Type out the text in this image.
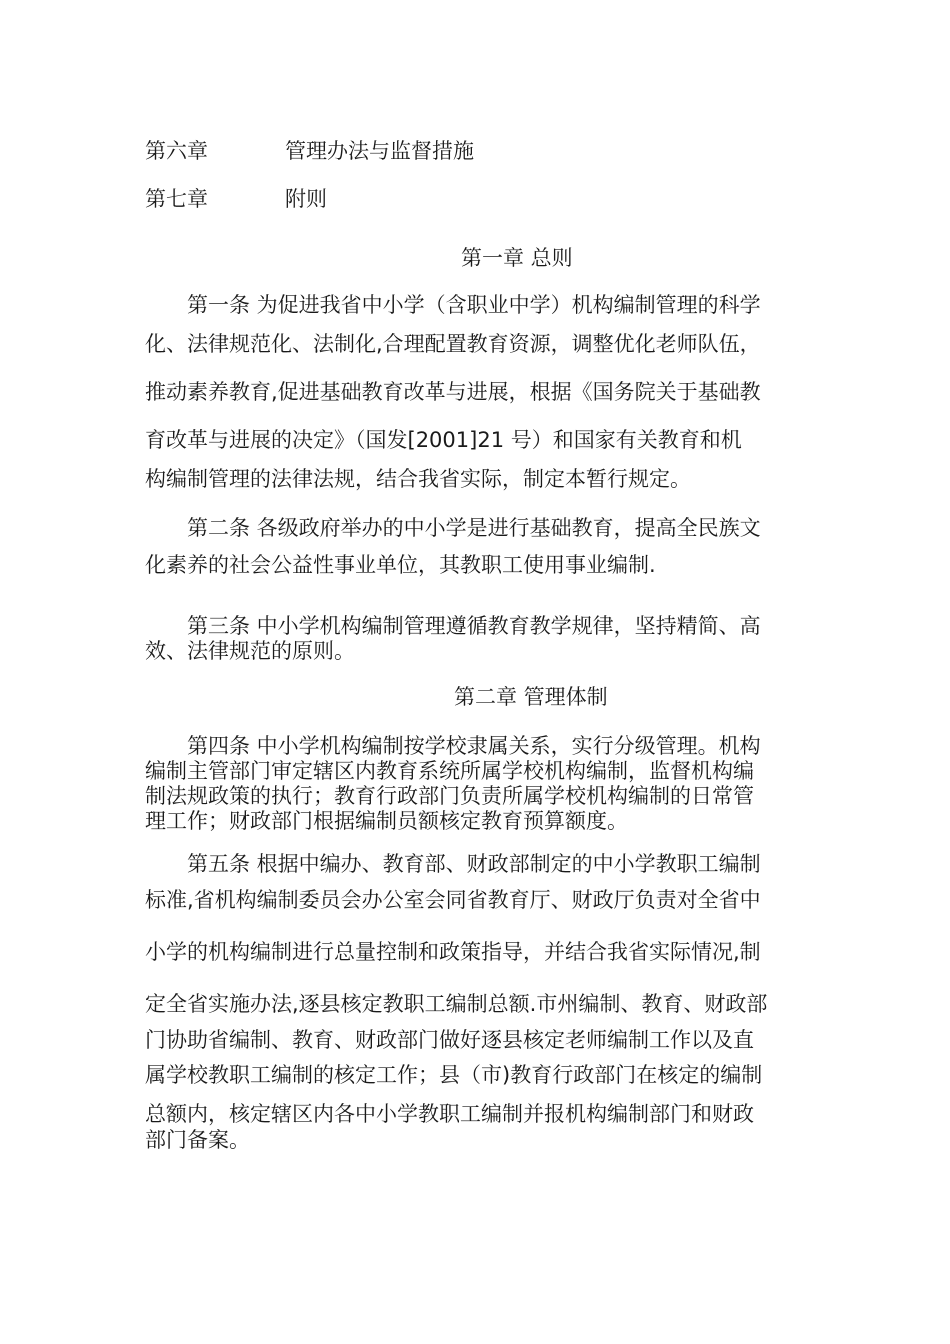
第六章	管理办法与监督措施
第七章	附则
第一章 总则
第一条 为促进我省中小学（含职业中学）机构编制管理的科学
化、法律规范化、法制化,合理配置教育资源，调整优化老师队伍，
推动素养教育,促进基础教育改革与进展，根据《国务院关于基础教
育改革与进展的决定》（国发[2001]21 号）和国家有关教育和机
构编制管理的法律法规，结合我省实际，制定本暂行规定。
第二条 各级政府举办的中小学是进行基础教育，提高全民族文
化素养的社会公益性事业单位，其教职工使用事业编制.
第三条 中小学机构编制管理遵循教育教学规律，坚持精简、高
效、法律规范的原则。
第二章 管理体制
第四条 中小学机构编制按学校隶属关系，实行分级管理。机构
编制主管部门审定辖区内教育系统所属学校机构编制，监督机构编
制法规政策的执行；教育行政部门负责所属学校机构编制的日常管
理工作；财政部门根据编制员额核定教育预算额度。
第五条 根据中编办、教育部、财政部制定的中小学教职工编制
标准,省机构编制委员会办公室会同省教育厅、财政厅负责对全省中
小学的机构编制进行总量控制和政策指导，并结合我省实际情况,制
定全省实施办法,逐县核定教职工编制总额.市州编制、教育、财政部
门协助省编制、教育、财政部门做好逐县核定老师编制工作以及直
属学校教职工编制的核定工作；县（市)教育行政部门在核定的编制
总额内，核定辖区内各中小学教职工编制并报机构编制部门和财政
部门备案。
